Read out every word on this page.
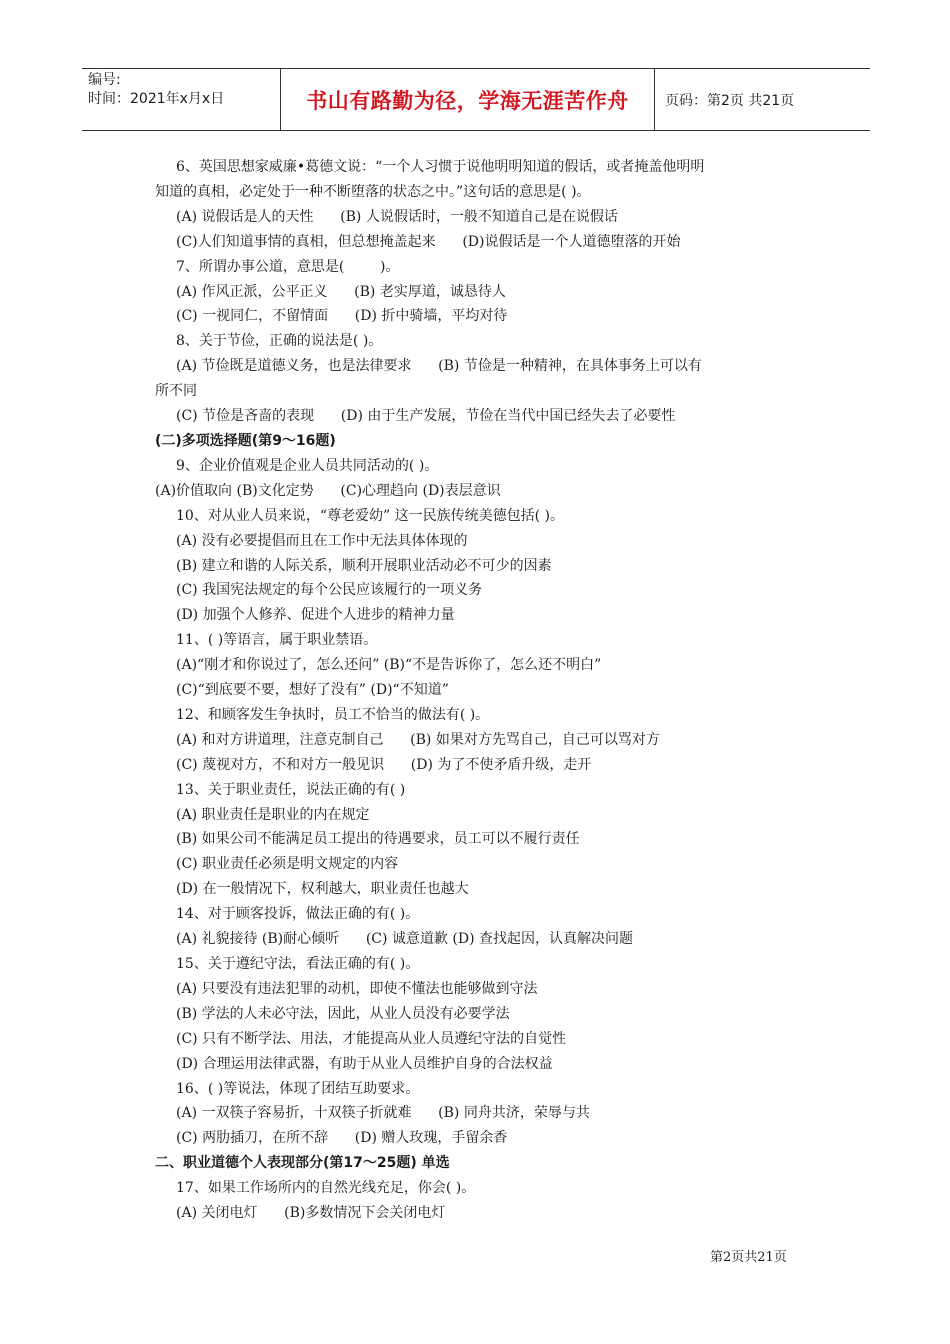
编号:
时间：2021年x月x日	书山有路勤为径，学海无涯苦作舟	页码：第2页 共21页
6、英国思想家威廉•葛德文说：“一个人习惯于说他明明知道的假话，或者掩盖他明明
知道的真相，必定处于一种不断堕落的状态之中。”这句话的意思是( )。
(A) 说假话是人的天性      (B) 人说假话时，一般不知道自己是在说假话
(C)人们知道事情的真相，但总想掩盖起来      (D)说假话是一个人道德堕落的开始
7、所谓办事公道，意思是(        )。
(A) 作风正派，公平正义      (B) 老实厚道，诚恳待人
(C) 一视同仁，不留情面      (D) 折中骑墙，平均对待
8、关于节俭，正确的说法是( )。
(A) 节俭既是道德义务，也是法律要求      (B) 节俭是一种精神，在具体事务上可以有
所不同
(C) 节俭是吝啬的表现      (D) 由于生产发展，节俭在当代中国已经失去了必要性
(二)多项选择题(第9～16题)
9、企业价值观是企业人员共同活动的( )。
(A)价值取向 (B)文化定势      (C)心理趋向 (D)表层意识
10、对从业人员来说，“尊老爱幼” 这一民族传统美德包括( )。
(A) 没有必要提倡而且在工作中无法具体体现的
(B) 建立和谐的人际关系，顺利开展职业活动必不可少的因素
(C) 我国宪法规定的每个公民应该履行的一项义务
(D) 加强个人修养、促进个人进步的精神力量
11、( )等语言，属于职业禁语。
(A)“刚才和你说过了，怎么还问” (B)“不是告诉你了，怎么还不明白”
(C)“到底要不要，想好了没有” (D)“不知道”
12、和顾客发生争执时，员工不恰当的做法有( )。
(A) 和对方讲道理，注意克制自己      (B) 如果对方先骂自己，自己可以骂对方
(C) 蔑视对方，不和对方一般见识      (D) 为了不使矛盾升级，走开
13、关于职业责任，说法正确的有( )
(A) 职业责任是职业的内在规定
(B) 如果公司不能满足员工提出的待遇要求，员工可以不履行责任
(C) 职业责任必须是明文规定的内容
(D) 在一般情况下，权利越大，职业责任也越大
14、对于顾客投诉，做法正确的有( )。
(A) 礼貌接待 (B)耐心倾听      (C) 诚意道歉 (D) 查找起因，认真解决问题
15、关于遵纪守法，看法正确的有( )。
(A) 只要没有违法犯罪的动机，即使不懂法也能够做到守法
(B) 学法的人未必守法，因此，从业人员没有必要学法
(C) 只有不断学法、用法，才能提高从业人员遵纪守法的自觉性
(D) 合理运用法律武器，有助于从业人员维护自身的合法权益
16、( )等说法，体现了团结互助要求。
(A) 一双筷子容易折，十双筷子折就难      (B) 同舟共济，荣辱与共
(C) 两肋插刀，在所不辞      (D) 赠人玫瑰，手留余香
二、职业道德个人表现部分(第17～25题) 单选
17、如果工作场所内的自然光线充足，你会( )。
(A) 关闭电灯      (B)多数情况下会关闭电灯
第2页共21页
